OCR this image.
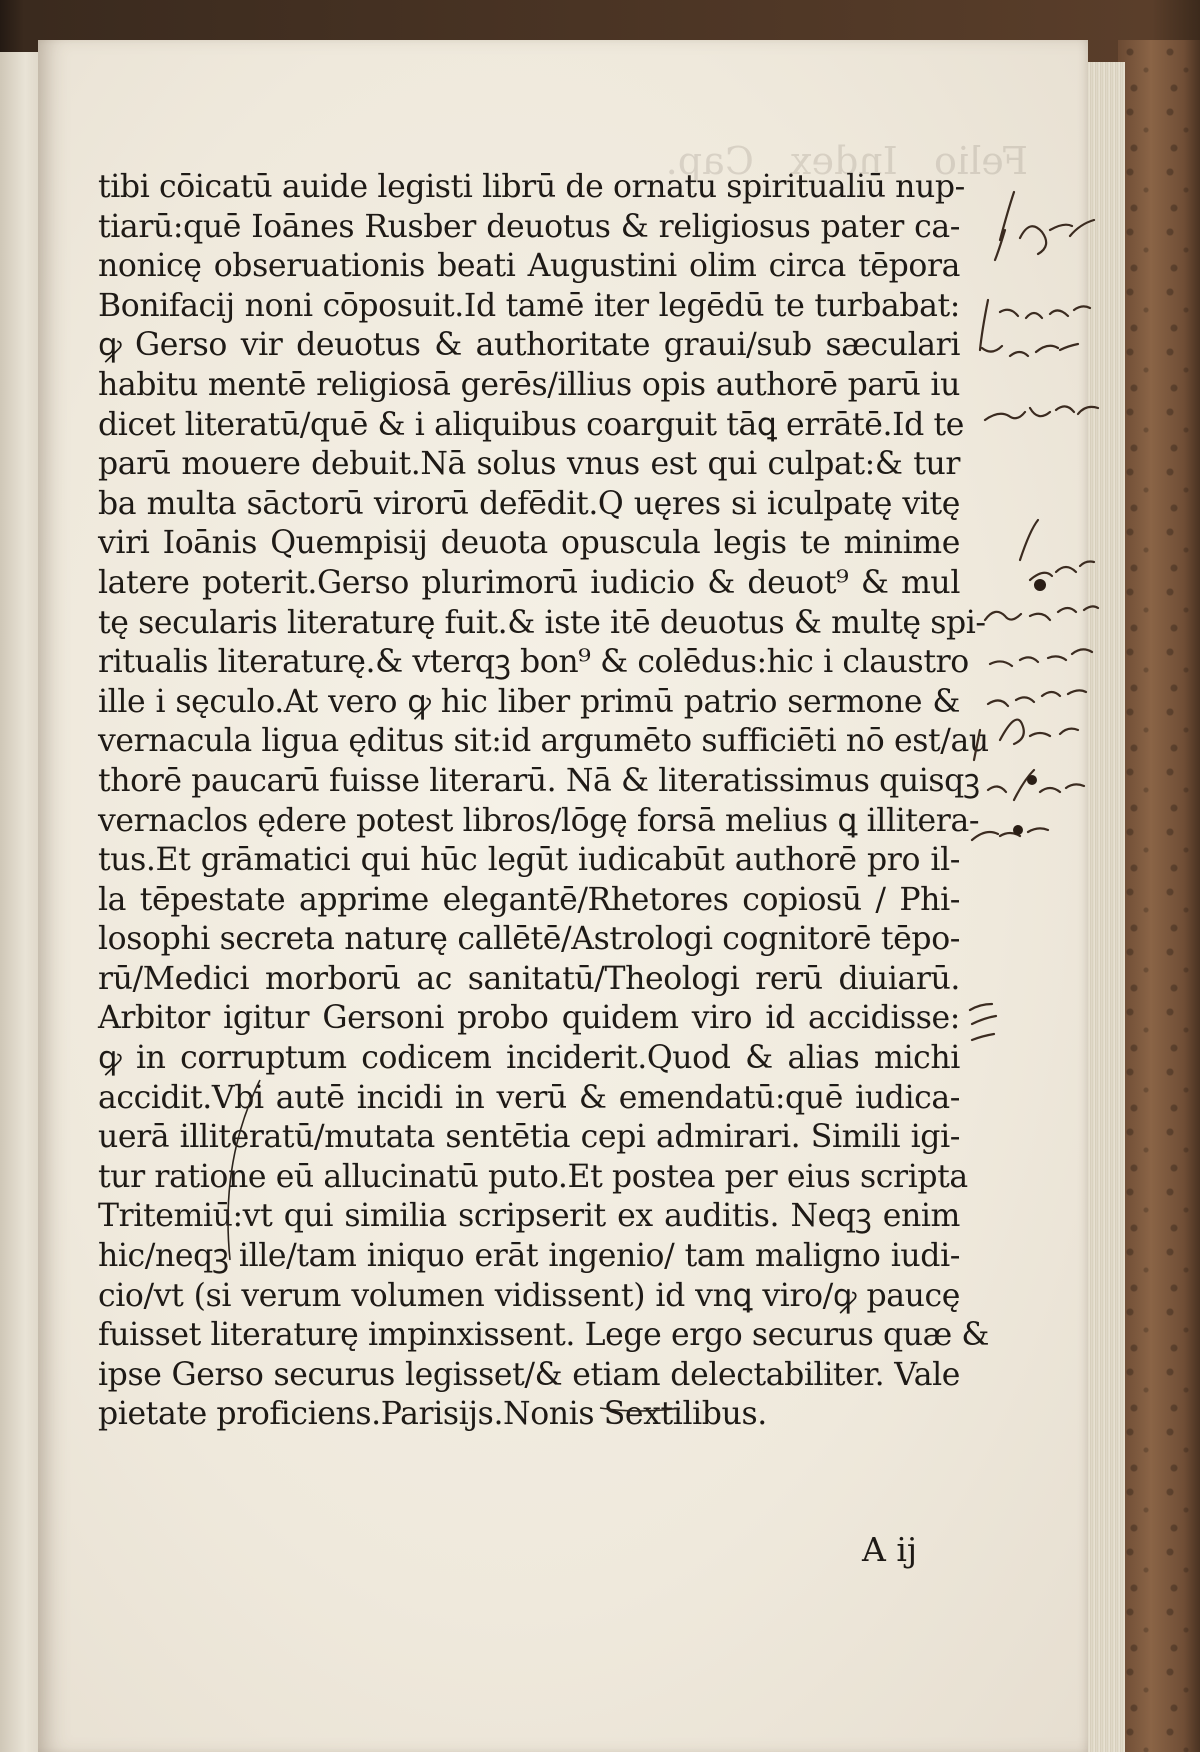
Felio   Index   Cap.
tibi cōicatū auide legisti librū de ornatu spiritualiū nup-
tiarū:quē Ioānes Rusber deuotus & religiosus pater ca-
nonicę obseruationis beati Augustini olim circa tēpora
Bonifacij noni cōposuit.Id tamē iter legēdū te turbabat:
ꝙ Gerso vir deuotus & authoritate graui/sub sæculari
habitu mentē religiosā gerēs/illius opis authorē parū iu
dicet literatū/quē & i aliquibus coarguit tāꝗ errātē.Id te
parū mouere debuit.Nā solus vnus est qui culpat:& tur
ba multa sāctorū virorū defēdit.Q uęres si iculpatę vitę
viri Ioānis Quempisij deuota opuscula legis te minime
latere poterit.Gerso plurimorū iudicio & deuot⁹ & mul
tę secularis literaturę fuit.& iste itē deuotus & multę spi-
ritualis literaturę.& vterqꝫ bon⁹ & colēdus:hic i claustro
ille i sęculo.At vero ꝙ hic liber primū patrio sermone &
vernacula ligua ęditus sit:id argumēto sufficiēti nō est/au
thorē paucarū fuisse literarū. Nā & literatissimus quisqꝫ
vernaclos ędere potest libros/lōgę forsā melius ꝗ illitera-
tus.Et grāmatici qui hūc legūt iudicabūt authorē pro il-
la tēpestate apprime elegantē/Rhetores copiosū / Phi-
losophi secreta naturę callētē/Astrologi cognitorē tēpo-
rū/Medici morborū ac sanitatū/Theologi rerū diuiarū.
Arbitor igitur Gersoni probo quidem viro id accidisse:
ꝙ in corruptum codicem inciderit.Quod & alias michi
accidit.Vbi autē incidi in verū & emendatū:quē iudica-
uerā illiteratū/mutata sentētia cepi admirari. Simili igi-
tur ratione eū allucinatū puto.Et postea per eius scripta
Tritemiū:vt qui similia scripserit ex auditis. Neqꝫ enim
hic/neqꝫ ille/tam iniquo erāt ingenio/ tam maligno iudi-
cio/vt (si verum volumen vidissent) id vnꝗ viro/ꝙ paucę
fuisset literaturę impinxissent. Lege ergo securus quæ &
ipse Gerso securus legisset/& etiam delectabiliter. Vale
pietate proficiens.Parisijs.Nonis Sextilibus.
A ij
